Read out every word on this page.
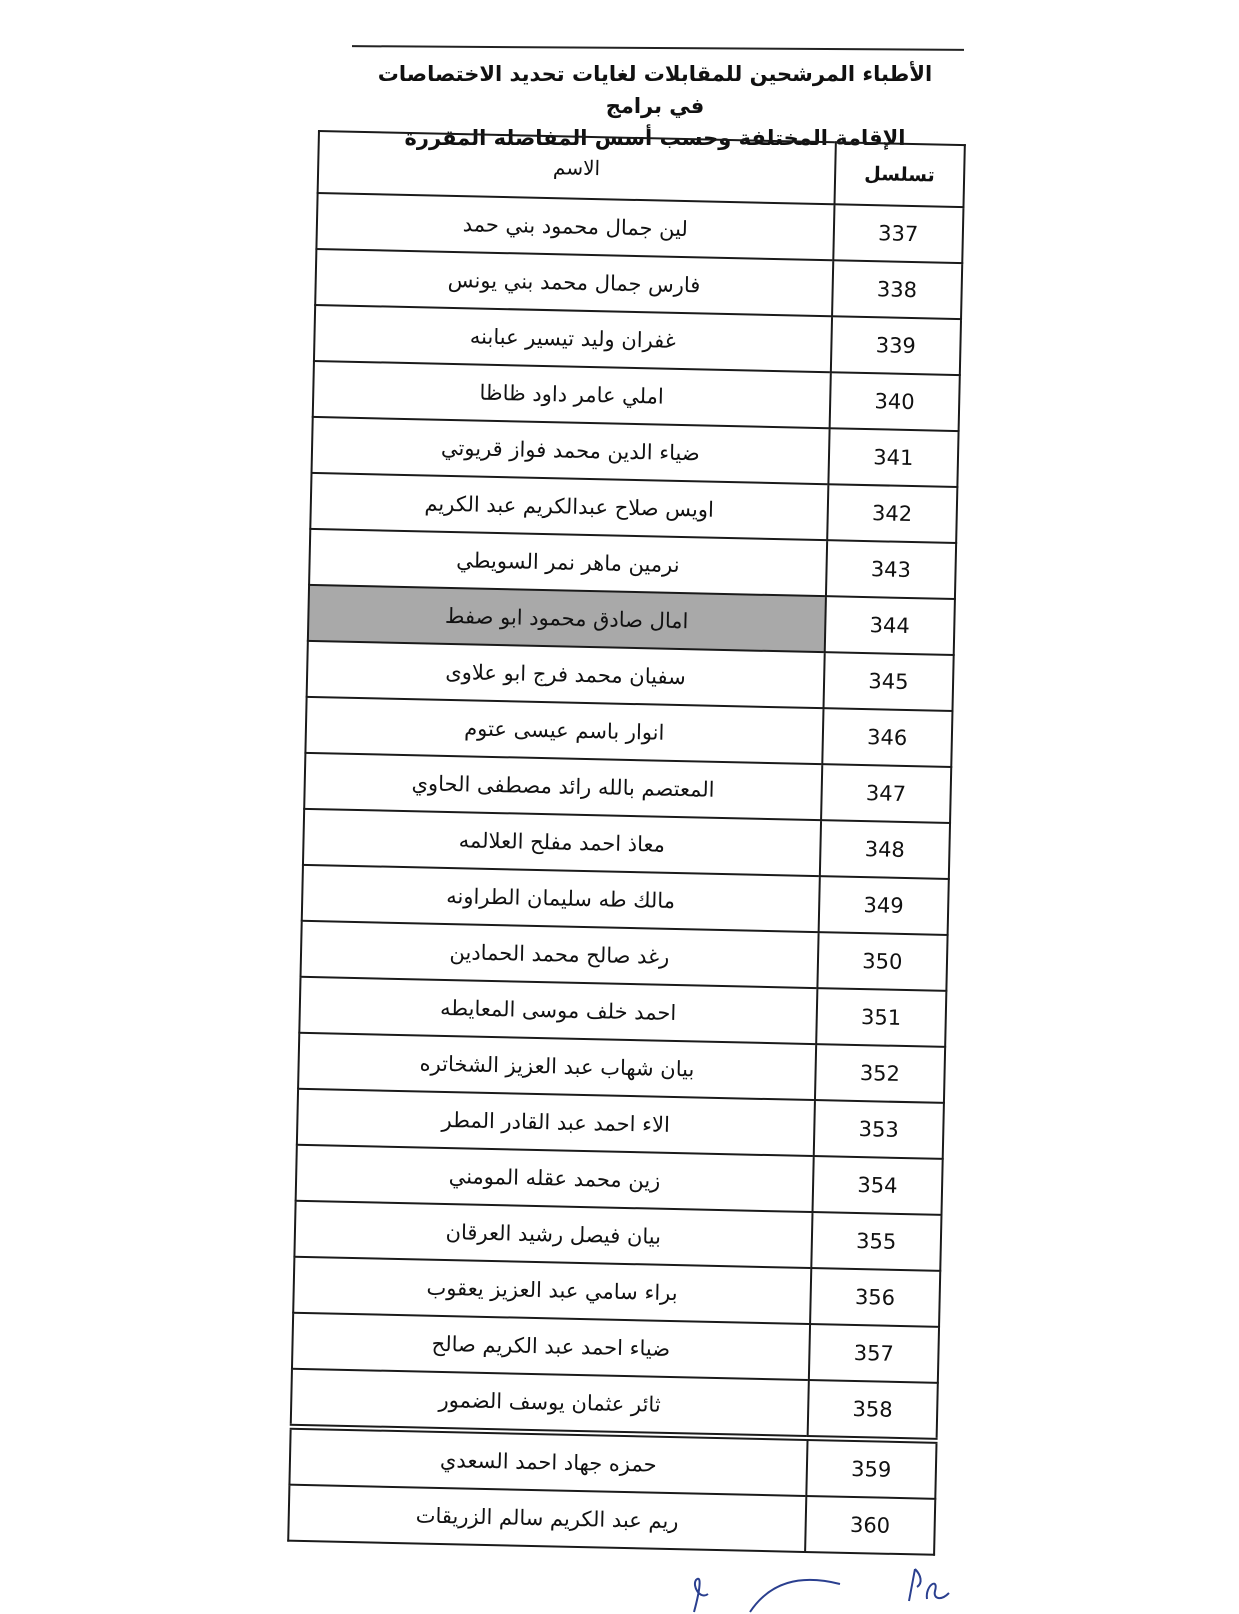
الأطباء المرشحين للمقابلات لغايات تحديد الاختصاصات في برامج
الإقامة المختلفة وحسب أسس المفاضلة المقررة
تسلسل	الاسم
337	لين جمال محمود بني حمد
338	فارس جمال محمد بني يونس
339	غفران وليد تيسير عبابنه
340	املي عامر داود ظاظا
341	ضياء الدين محمد فواز قريوتي
342	اويس صلاح عبدالكريم عبد الكريم
343	نرمين ماهر نمر السويطي
344	امال صادق محمود ابو صفط
345	سفيان محمد فرج ابو علاوى
346	انوار باسم عيسى عتوم
347	المعتصم بالله رائد مصطفى الحاوي
348	معاذ احمد مفلح العلالمه
349	مالك طه سليمان الطراونه
350	رغد صالح محمد الحمادين
351	احمد خلف موسى المعايطه
352	بيان شهاب عبد العزيز الشخاتره
353	الاء احمد عبد القادر المطر
354	زين محمد عقله المومني
355	بيان فيصل رشيد العرقان
356	براء سامي عبد العزيز يعقوب
357	ضياء احمد عبد الكريم صالح
358	ثائر عثمان يوسف الضمور
359	حمزه جهاد احمد السعدي
360	ريم عبد الكريم سالم الزريقات
